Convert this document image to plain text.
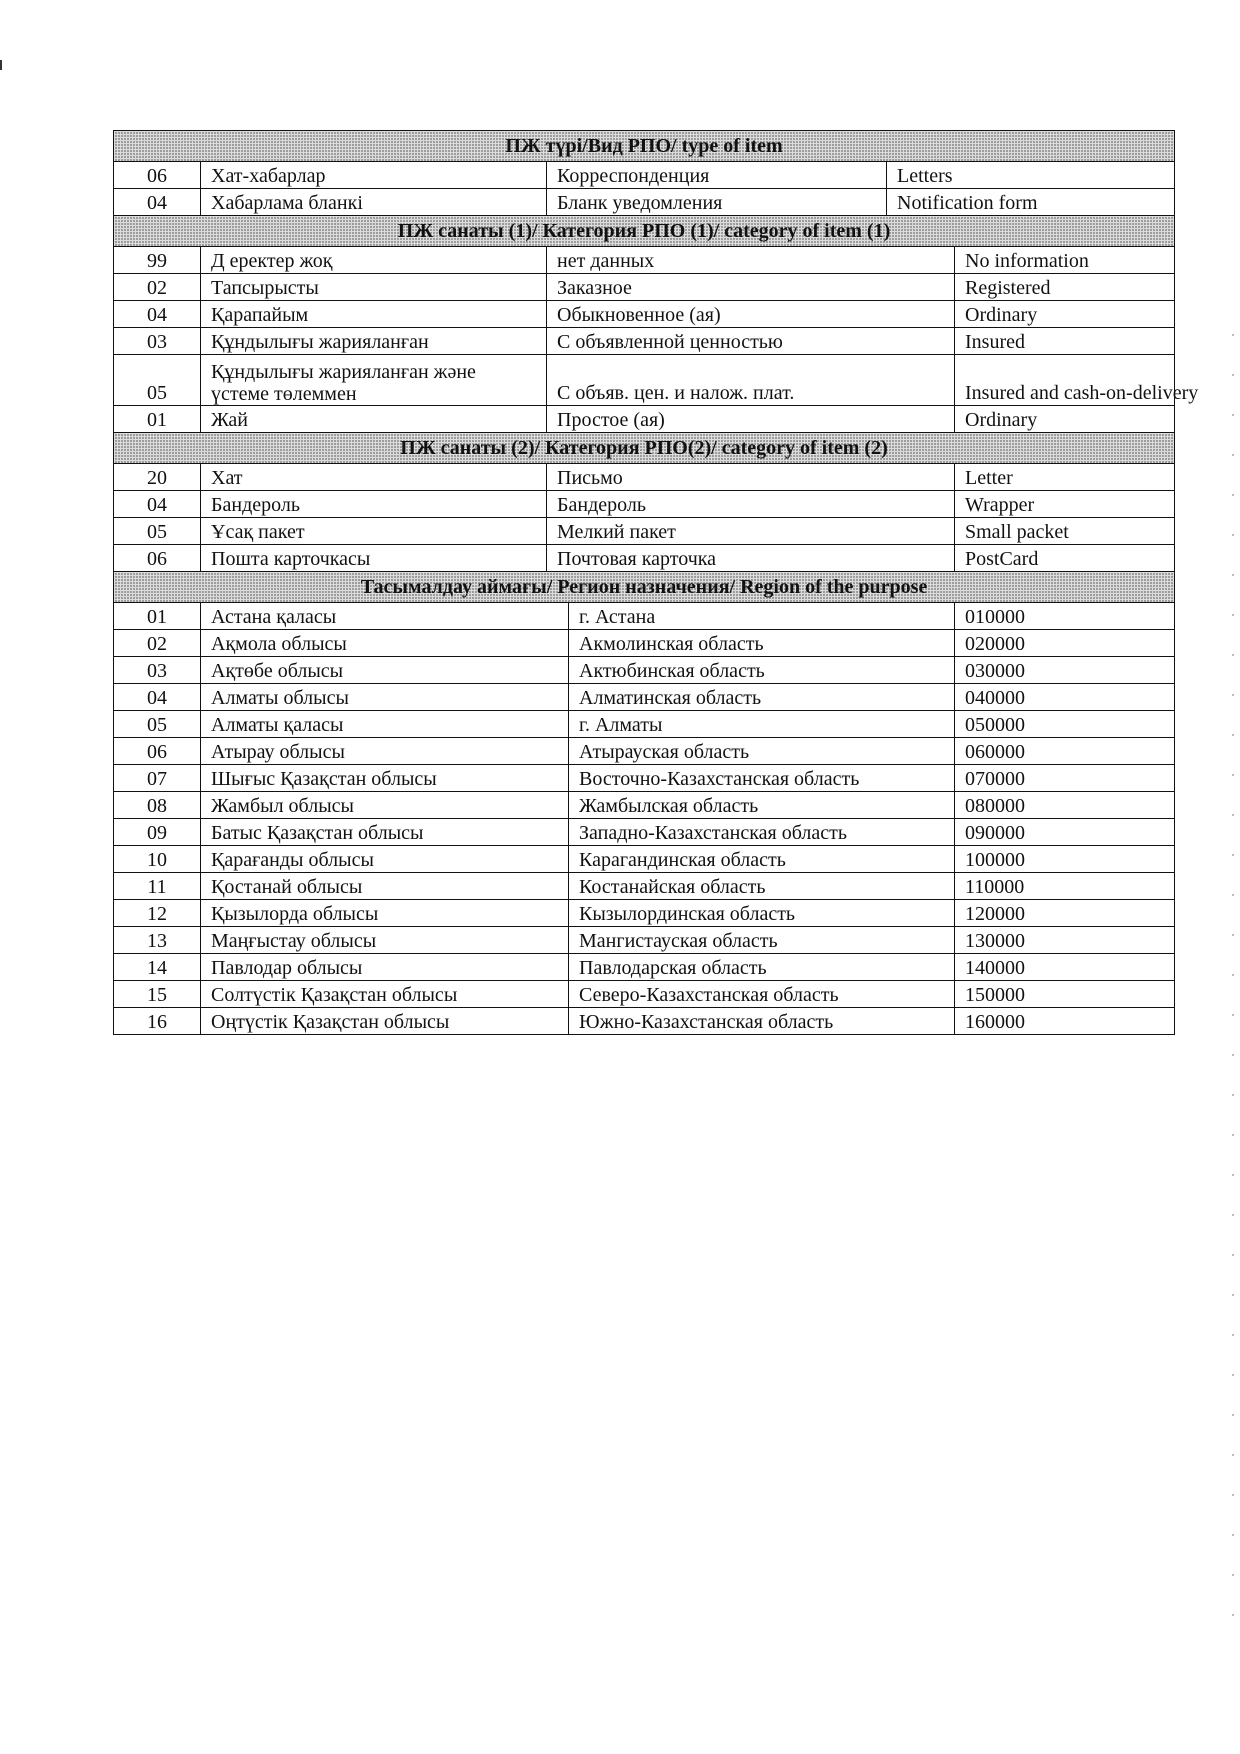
ПЖ түрі/Вид РПО/ type of item					
06	Хат-хабарлар	Корреспонденция		Letters	
04	Хабарлама бланкі	Бланк уведомления		Notification form	
ПЖ санаты (1)/ Категория РПО (1)/ category of item (1)					
99	Д еректер жоқ	нет данных			No information
02	Тапсырысты	Заказное			Registered
04	Қарапайым	Обыкновенное (ая)			Ordinary
03	Құндылығы жарияланған	С объявленной ценностью			Insured
05	Құндылығы жарияланған және үстеме төлеммен	С объяв. цен. и налож. плат.			Insured and cash-on-delivery
01	Жай	Простое (ая)			Ordinary
ПЖ санаты (2)/ Категория РПО(2)/ category of item (2)					
20	Хат	Письмо			Letter
04	Бандероль	Бандероль			Wrapper
05	Ұсақ пакет	Мелкий пакет			Small packet
06	Пошта карточкасы	Почтовая карточка			PostCard
Тасымалдау аймағы/ Регион назначения/ Region of the purpose					
01	Астана қаласы		г. Астана		010000
02	Ақмола облысы		Акмолинская область		020000
03	Ақтөбе облысы		Актюбинская область		030000
04	Алматы облысы		Алматинская область		040000
05	Алматы қаласы		г. Алматы		050000
06	Атырау облысы		Атырауская область		060000
07	Шығыс Қазақстан облысы		Восточно-Казахстанская область		070000
08	Жамбыл облысы		Жамбылская область		080000
09	Батыс Қазақстан облысы		Западно-Казахстанская область		090000
10	Қарағанды облысы		Карагандинская область		100000
11	Қостанай облысы		Костанайская область		110000
12	Қызылорда облысы		Кызылординская область		120000
13	Маңғыстау облысы		Мангистауская область		130000
14	Павлодар облысы		Павлодарская область		140000
15	Солтүстік Қазақстан облысы		Северо-Казахстанская область		150000
16	Оңтүстік Қазақстан облысы		Южно-Казахстанская область		160000
